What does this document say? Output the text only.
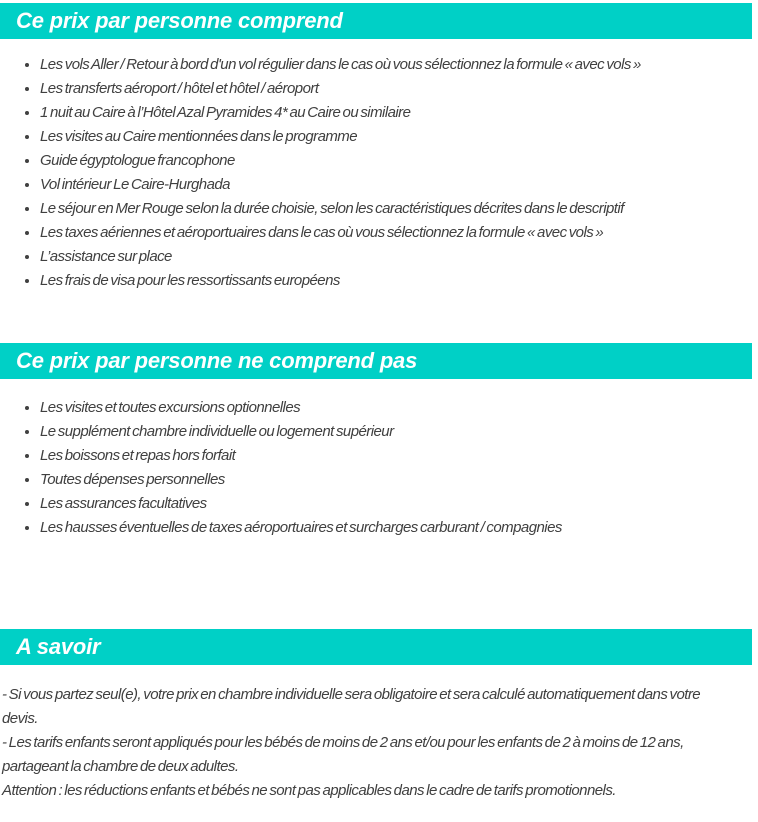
Ce prix par personne comprend
• Les vols Aller / Retour à bord d'un vol régulier dans le cas où vous sélectionnez la formule « avec vols »
• Les transferts aéroport / hôtel et hôtel / aéroport
• 1 nuit au Caire à l’Hôtel Azal Pyramides 4* au Caire ou similaire
• Les visites au Caire mentionnées dans le programme
• Guide égyptologue francophone
• Vol intérieur Le Caire-Hurghada
• Le séjour en Mer Rouge selon la durée choisie, selon les caractéristiques décrites dans le descriptif
• Les taxes aériennes et aéroportuaires dans le cas où vous sélectionnez la formule « avec vols »
• L’assistance sur place
• Les frais de visa pour les ressortissants européens
Ce prix par personne ne comprend pas
• Les visites et toutes excursions optionnelles
• Le supplément chambre individuelle ou logement supérieur
• Les boissons et repas hors forfait
• Toutes dépenses personnelles
• Les assurances facultatives
• Les hausses éventuelles de taxes aéroportuaires et surcharges carburant / compagnies
A savoir
- Si vous partez seul(e), votre prix en chambre individuelle sera obligatoire et sera calculé automatiquement dans votre
devis.
- Les tarifs enfants seront appliqués pour les bébés de moins de 2 ans et/ou pour les enfants de 2 à moins de 12 ans,
partageant la chambre de deux adultes.
Attention : les réductions enfants et bébés ne sont pas applicables dans le cadre de tarifs promotionnels.
